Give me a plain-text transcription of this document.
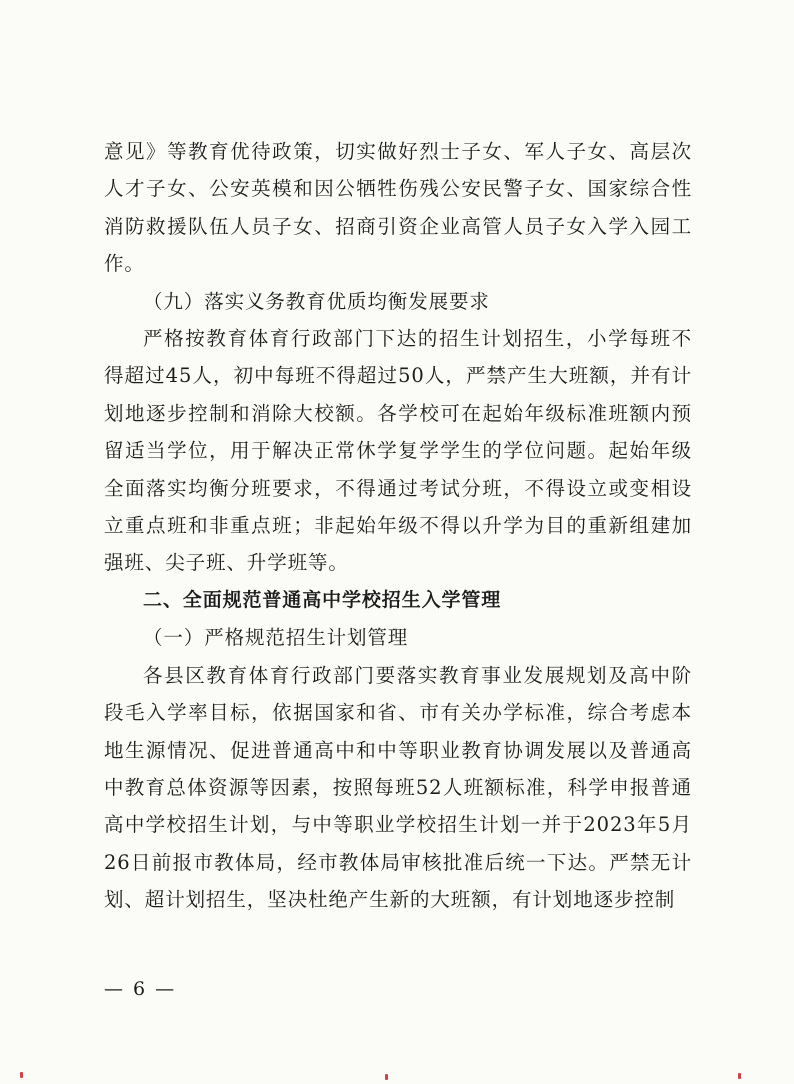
意见》等教育优待政策，切实做好烈士子女、军人子女、高层次人才子女、公安英模和因公牺牲伤残公安民警子女、国家综合性消防救援队伍人员子女、招商引资企业高管人员子女入学入园工作。

（九）落实义务教育优质均衡发展要求

严格按教育体育行政部门下达的招生计划招生，小学每班不得超过45人，初中每班不得超过50人，严禁产生大班额，并有计划地逐步控制和消除大校额。各学校可在起始年级标准班额内预留适当学位，用于解决正常休学复学学生的学位问题。起始年级全面落实均衡分班要求，不得通过考试分班，不得设立或变相设立重点班和非重点班；非起始年级不得以升学为目的重新组建加强班、尖子班、升学班等。

二、全面规范普通高中学校招生入学管理

（一）严格规范招生计划管理

各县区教育体育行政部门要落实教育事业发展规划及高中阶段毛入学率目标，依据国家和省、市有关办学标准，综合考虑本地生源情况、促进普通高中和中等职业教育协调发展以及普通高中教育总体资源等因素，按照每班52人班额标准，科学申报普通高中学校招生计划，与中等职业学校招生计划一并于2023年5月26日前报市教体局，经市教体局审核批准后统一下达。严禁无计划、超计划招生，坚决杜绝产生新的大班额，有计划地逐步控制

— 6 —
